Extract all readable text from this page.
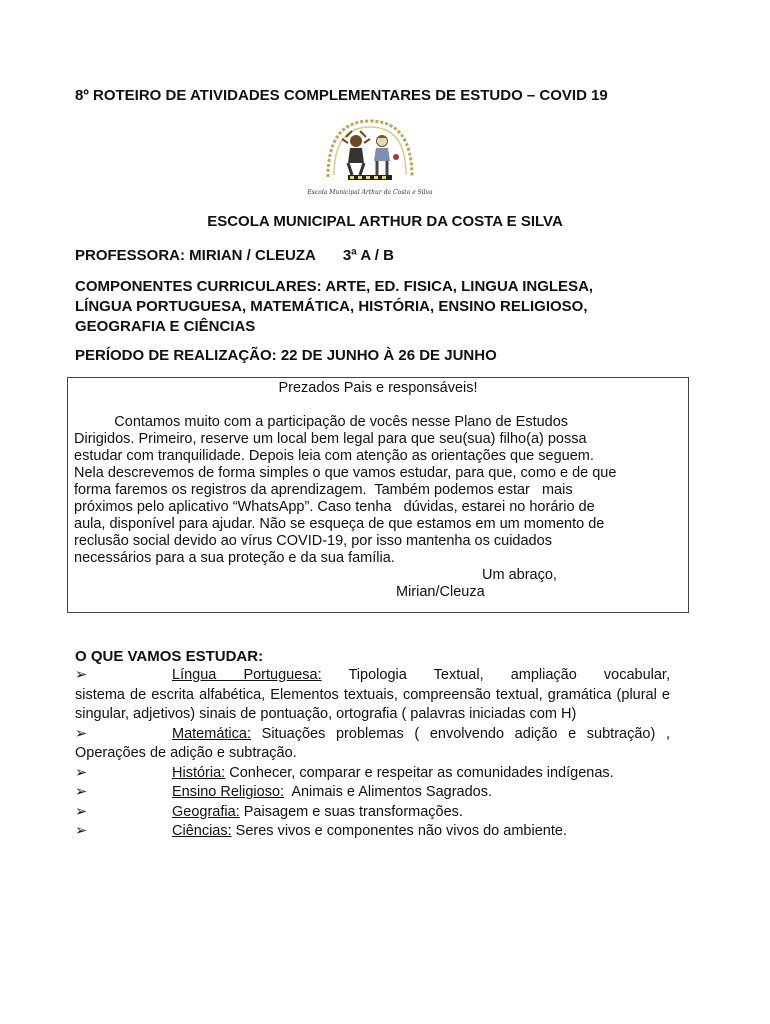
8º ROTEIRO DE ATIVIDADES COMPLEMENTARES DE ESTUDO – COVID 19
Escola Municipal Arthur da Costa e Silva
ESCOLA MUNICIPAL ARTHUR DA COSTA E SILVA
PROFESSORA: MIRIAN / CLEUZA 3ª A / B
COMPONENTES CURRICULARES: ARTE, ED. FISICA, LINGUA INGLESA,
LÍNGUA PORTUGUESA, MATEMÁTICA, HISTÓRIA, ENSINO RELIGIOSO,
GEOGRAFIA E CIÊNCIAS
PERÍODO DE REALIZAÇÃO: 22 DE JUNHO À 26 DE JUNHO
Prezados Pais e responsáveis!
Contamos muito com a participação de vocês nesse Plano de Estudos
Dirigidos. Primeiro, reserve um local bem legal para que seu(sua) filho(a) possa
estudar com tranquilidade. Depois leia com atenção as orientações que seguem.
Nela descrevemos de forma simples o que vamos estudar, para que, como e de que
forma faremos os registros da aprendizagem.  Também podemos estar   mais
próximos pelo aplicativo “WhatsApp”. Caso tenha   dúvidas, estarei no horário de
aula, disponível para ajudar. Não se esqueça de que estamos em um momento de
reclusão social devido ao vírus COVID-19, por isso mantenha os cuidados
necessários para a sua proteção e da sua família.
Um abraço,
Mirian/Cleuza
O QUE VAMOS ESTUDAR:
➢	Língua Portuguesa: Tipologia Textual, ampliação vocabular,
sistema de escrita alfabética, Elementos textuais, compreensão textual, gramática (plural e singular, adjetivos) sinais de pontuação, ortografia ( palavras iniciadas com H)
➢	Matemática: Situações problemas ( envolvendo adição e subtração) ,
Operações de adição e subtração.
➢	História: Conhecer, comparar e respeitar as comunidades indígenas.
➢	Ensino Religioso: Animais e Alimentos Sagrados.
➢	Geografia: Paisagem e suas transformações.
➢	Ciências: Seres vivos e componentes não vivos do ambiente.
